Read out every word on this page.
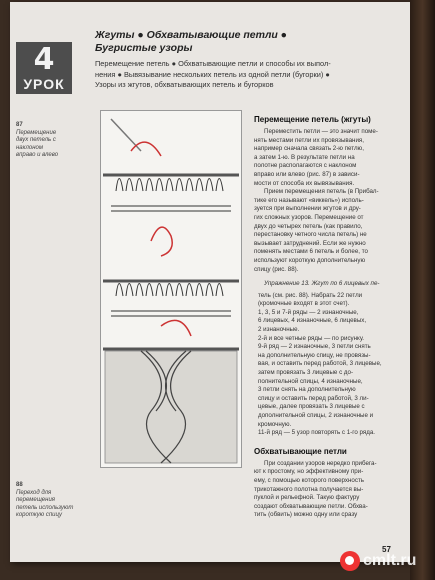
4
УРОК
Жгуты ● Обхватывающие петли ●
Бугристые узоры
Перемещение петель ● Обхватывающие петли и способы их выпол-
нения ● Вывязывание нескольких петель из одной петли (бугорки) ●
Узоры из жгутов, обхватывающих петель и бугорков
87
Перемещение двух петель с наклоном вправо и влево
88
Переход для перемещения петель используют короткую спицу
Перемещение петель (жгуты)

Переместить петли — это значит поме-

нять местами петли их провязывания,

например сначала связать 2-ю петлю,

а затем 1-ю. В результате петли на

полотне располагаются с наклоном

вправо или влево (рис. 87) в зависи-

мости от способа их вывязывания.

Прием перемещения петель (в Прибал-

тике его называют «виккель») исполь-

зуется при выполнении жгутов и дру-

гих сложных узоров. Перемещение от

двух до четырех петель (как правило,

перестановку четного числа петель) не

вызывает затруднений. Если же нужно

поменять местами 6 петель и более, то

используют короткую дополнительную

спицу (рис. 88).

Упражнение 13. Жгут по 6 лицевых пе-

тель (см. рис. 88). Набрать 22 петли

(кромочные входят в этот счет).

1, 3, 5 и 7-й ряды — 2 изнаночные,

6 лицевых, 4 изнаночные, 6 лицевых,

2 изнаночные.

2-й и все четные ряды — по рисунку.

9-й ряд — 2 изнаночные, 3 петли снять

на дополнительную спицу, не провязы-

вая, и оставить перед работой, 3 лицевые,

затем провязать 3 лицевые с до-

полнительной спицы, 4 изнаночные,

3 петли снять на дополнительную

спицу и оставить перед работой, 3 ли-

цевые, далее провязать 3 лицевые с

дополнительной спицы, 2 изнаночные и

кромочную.

11-й ряд — 5 узор повторять с 1-го ряда.

Обхватывающие петли

При создании узоров нередко прибега-

ют к простому, но эффективному при-

ему, с помощью которого поверхность

трикотажного полотна получается вы-

пуклой и рельефной. Такую фактуру

создают обхватывающие петли. Обхва-

тить (обвить) можно одну или сразу

57
cmlt.ru
